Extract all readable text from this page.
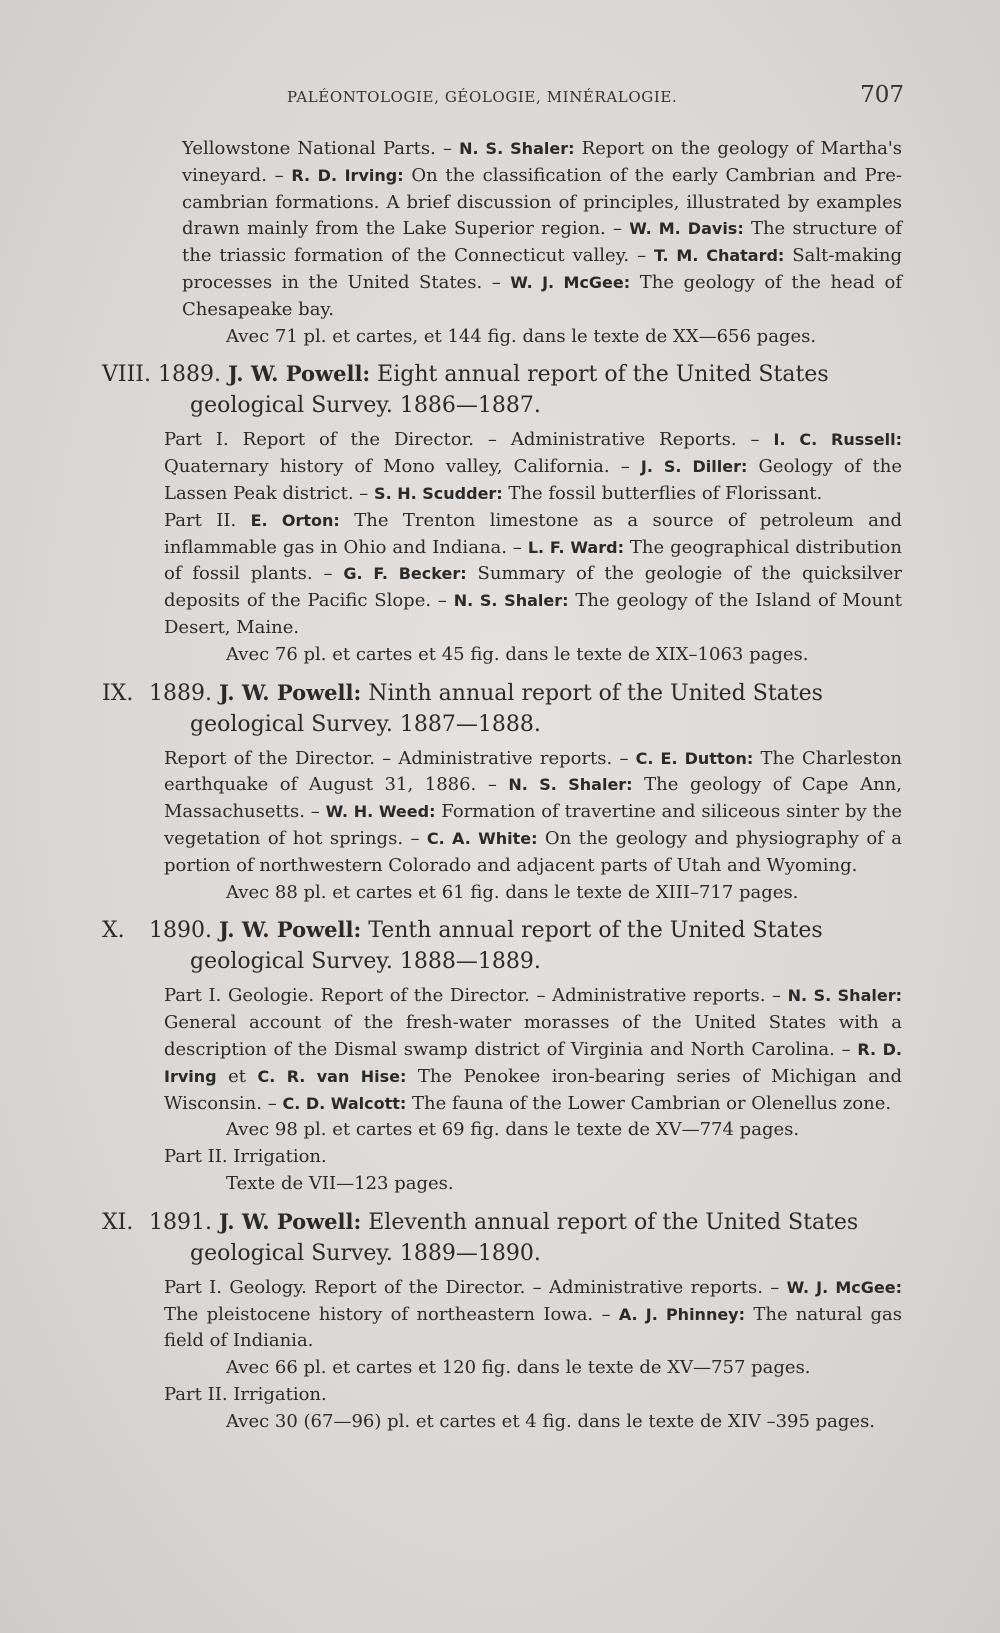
PALÉONTOLOGIE, GÉOLOGIE, MINÉRALOGIE.	707

Yellowstone National Parts. – N. S. Shaler: Report on the geology of Martha's vineyard. – R. D. Irving: On the classification of the early Cambrian and Pre-cambrian formations. A brief discussion of principles, illustrated by examples drawn mainly from the Lake Superior region. – W. M. Davis: The structure of the triassic formation of the Connecticut valley. – T. M. Chatard: Salt-making processes in the United States. – W. J. McGee: The geology of the head of Chesapeake bay.

Avec 71 pl. et cartes, et 144 fig. dans le texte de XX—656 pages.
VIII. 1889. J. W. Powell: Eight annual report of the United States geological Survey. 1886—1887.

Part I. Report of the Director. – Administrative Reports. – I. C. Russell: Quaternary history of Mono valley, California. – J. S. Diller: Geology of the Lassen Peak district. – S. H. Scudder: The fossil butterflies of Florissant.

Part II. E. Orton: The Trenton limestone as a source of petroleum and inflammable gas in Ohio and Indiana. – L. F. Ward: The geographical distribution of fossil plants. – G. F. Becker: Summary of the geologie of the quicksilver deposits of the Pacific Slope. – N. S. Shaler: The geology of the Island of Mount Desert, Maine.

Avec 76 pl. et cartes et 45 fig. dans le texte de XIX–1063 pages.
IX. 1889. J. W. Powell: Ninth annual report of the United States geological Survey. 1887—1888.

Report of the Director. – Administrative reports. – C. E. Dutton: The Charleston earthquake of August 31, 1886. – N. S. Shaler: The geology of Cape Ann, Massachusetts. – W. H. Weed: Formation of travertine and siliceous sinter by the vegetation of hot springs. – C. A. White: On the geology and physiography of a portion of northwestern Colorado and adjacent parts of Utah and Wyoming.

Avec 88 pl. et cartes et 61 fig. dans le texte de XIII–717 pages.
X. 1890. J. W. Powell: Tenth annual report of the United States geological Survey. 1888—1889.

Part I. Geologie. Report of the Director. – Administrative reports. – N. S. Shaler: General account of the fresh-water morasses of the United States with a description of the Dismal swamp district of Virginia and North Carolina. – R. D. Irving et C. R. van Hise: The Penokee iron-bearing series of Michigan and Wisconsin. – C. D. Walcott: The fauna of the Lower Cambrian or Olenellus zone.

Avec 98 pl. et cartes et 69 fig. dans le texte de XV—774 pages.
Part II. Irrigation.
Texte de VII—123 pages.
XI. 1891. J. W. Powell: Eleventh annual report of the United States geological Survey. 1889—1890.

Part I. Geology. Report of the Director. – Administrative reports. – W. J. McGee: The pleistocene history of northeastern Iowa. – A. J. Phinney: The natural gas field of Indiania.

Avec 66 pl. et cartes et 120 fig. dans le texte de XV—757 pages.
Part II. Irrigation.
Avec 30 (67—96) pl. et cartes et 4 fig. dans le texte de XIV –395 pages.
